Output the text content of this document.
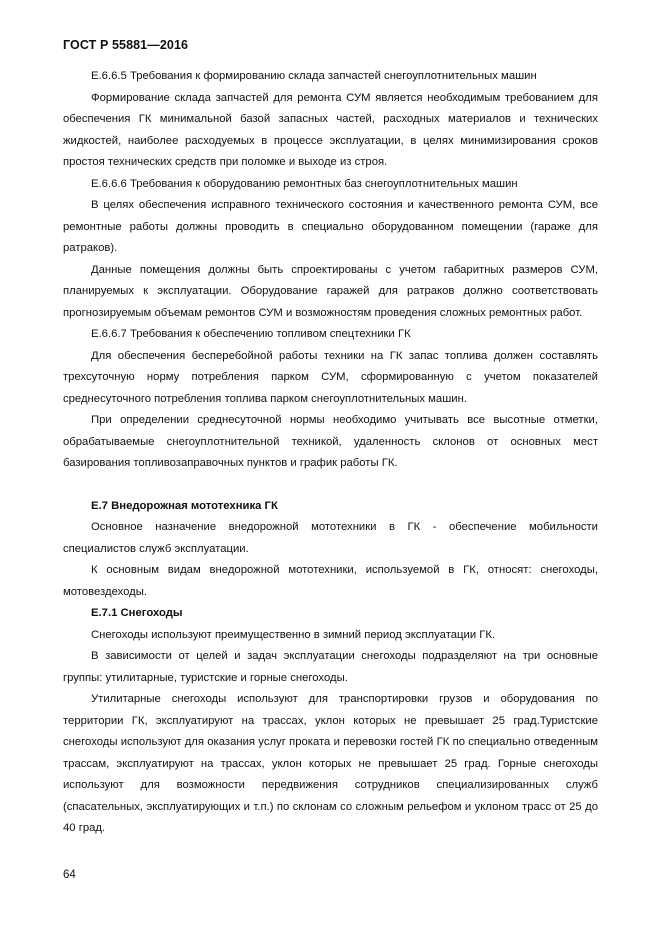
ГОСТ Р 55881—2016

Е.6.6.5 Требования к формированию склада запчастей снегоуплотнительных машин

Формирование склада запчастей для ремонта СУМ является необходимым требованием для обеспечения ГК минимальной базой запасных частей, расходных материалов и технических жидкостей, наиболее расходуемых в процессе эксплуатации, в целях минимизирования сроков простоя технических средств при поломке и выходе из строя.

Е.6.6.6 Требования к оборудованию ремонтных баз снегоуплотнительных машин

В целях обеспечения исправного технического состояния и качественного ремонта СУМ, все ремонтные работы должны проводить в специально оборудованном помещении (гараже для ратраков).

Данные помещения должны быть спроектированы с учетом габаритных размеров СУМ, планируемых к эксплуатации. Оборудование гаражей для ратраков должно соответствовать прогнозируемым объемам ремонтов СУМ и возможностям проведения сложных ремонтных работ.

Е.6.6.7 Требования к обеспечению топливом спецтехники ГК

Для обеспечения бесперебойной работы техники на ГК запас топлива должен составлять трехсуточную норму потребления парком СУМ, сформированную с учетом показателей среднесуточного потребления топлива парком снегоуплотнительных машин.

При определении среднесуточной нормы необходимо учитывать все высотные отметки, обрабатываемые снегоуплотнительной техникой, удаленность склонов от основных мест базирования топливозаправочных пунктов и график работы ГК.

Е.7 Внедорожная мототехника ГК

Основное назначение внедорожной мототехники в ГК - обеспечение мобильности специалистов служб эксплуатации.

К основным видам внедорожной мототехники, используемой в ГК, относят: снегоходы, мотовездеходы.

Е.7.1 Снегоходы

Снегоходы используют преимущественно в зимний период эксплуатации ГК.

В зависимости от целей и задач эксплуатации снегоходы подразделяют на три основные группы: утилитарные, туристские и горные снегоходы.

Утилитарные снегоходы используют для транспортировки грузов и оборудования по территории ГК, эксплуатируют на трассах, уклон которых не превышает 25 град.Туристские снегоходы используют для оказания услуг проката и перевозки гостей ГК по специально отведенным трассам, эксплуатируют на трассах, уклон которых не превышает 25 град. Горные снегоходы используют для возможности передвижения сотрудников специализированных служб (спасательных, эксплуатирующих и т.п.) по склонам со сложным рельефом и уклоном трасс от 25 до 40 град.

64
